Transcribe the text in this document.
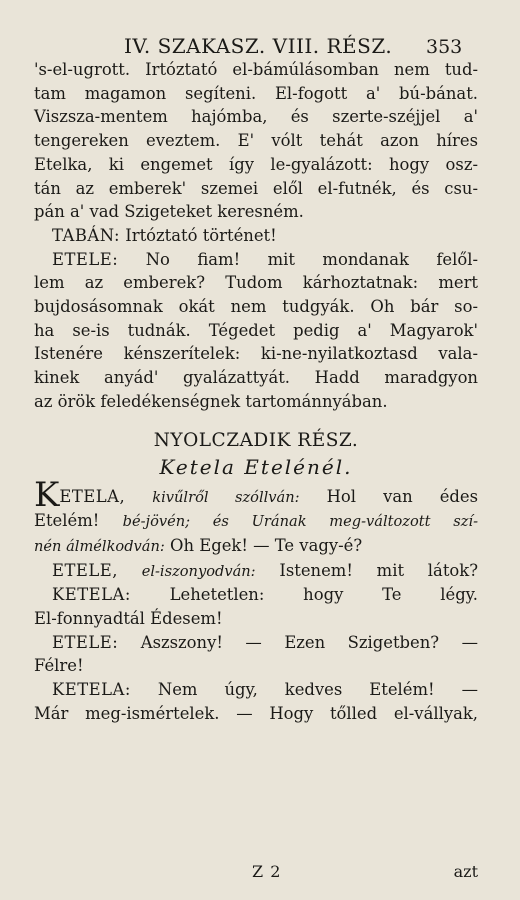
IV. SZAKASZ. VIII. RÉSZ. 353
's-el-ugrott. Irtóztató el-bámúlásomban nem tud-
tam magamon segíteni. El-fogott a' bú-bánat.
Viszsza-mentem hajómba, és szerte-széjjel a'
tengereken eveztem. E' vólt tehát azon híres
Etelka, ki engemet így le-gyalázott: hogy osz-
tán az emberek' szemei elől el-futnék, és csu-
pán a' vad Szigeteket keresném.
TABÁN: Irtóztató történet!
ETELE: No fiam! mit mondanak felől-
lem az emberek? Tudom kárhoztatnak: mert
bujdosásomnak okát nem tudgyák. Oh bár so-
ha se-is tudnák. Tégedet pedig a' Magyarok'
Istenére kénszerítelek: ki-ne-nyilatkoztasd vala-
kinek anyád' gyalázattyát. Hadd maradgyon
az örök feledékenségnek tartománnyában.
NYOLCZADIK RÉSZ.
Ketela Etelénél.
KETELA, kivűlről szóllván: Hol van édes
Etelém! bé-jövén; és Urának meg-változott szí-
nén álmélkodván: Oh Egek! — Te vagy-é?
ETELE, el-iszonyodván: Istenem! mit látok?
KETELA: Lehetetlen: hogy Te légy.
El-fonnyadtál Édesem!
ETELE: Aszszony! — Ezen Szigetben? —
Félre!
KETELA: Nem úgy, kedves Etelém! —
Már meg-ismértelek. — Hogy tőlled el-vállyak,
Z 2	azt
